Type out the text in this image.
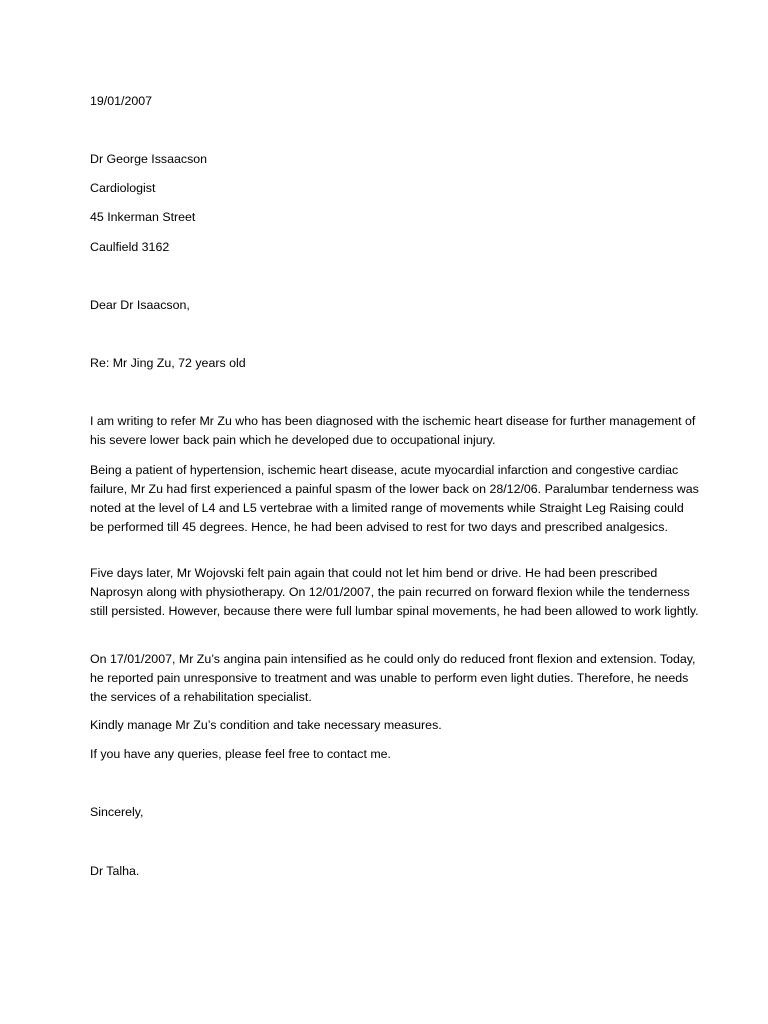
19/01/2007
Dr George Issaacson
Cardiologist
45 Inkerman Street
Caulfield 3162
Dear Dr Isaacson,
Re: Mr Jing Zu, 72 years old
I am writing to refer Mr Zu who has been diagnosed with the ischemic heart disease for further management of his severe lower back pain which he developed due to occupational injury.
Being a patient of hypertension, ischemic heart disease, acute myocardial infarction and congestive cardiac failure, Mr Zu had first experienced a painful spasm of the lower back on 28/12/06. Paralumbar tenderness was noted at the level of L4 and L5 vertebrae with a limited range of movements while Straight Leg Raising could be performed till 45 degrees. Hence, he had been advised to rest for two days and prescribed analgesics.
Five days later, Mr Wojovski felt pain again that could not let him bend or drive. He had been prescribed Naprosyn along with physiotherapy. On 12/01/2007, the pain recurred on forward flexion while the tenderness still persisted. However, because there were full lumbar spinal movements, he had been allowed to work lightly.
On 17/01/2007, Mr Zu’s angina pain intensified as he could only do reduced front flexion and extension. Today, he reported pain unresponsive to treatment and was unable to perform even light duties. Therefore, he needs the services of a rehabilitation specialist.
Kindly manage Mr Zu’s condition and take necessary measures.
If you have any queries, please feel free to contact me.
Sincerely,
Dr Talha.
